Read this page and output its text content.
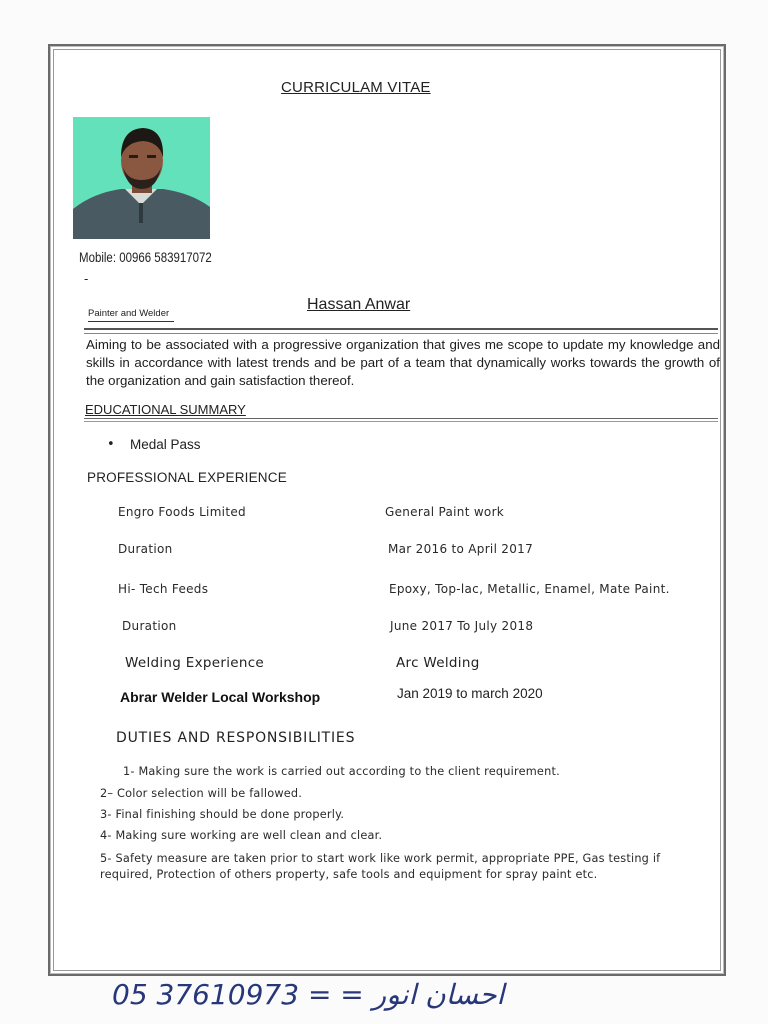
CURRICULAM VITAE
Mobile: 00966 583917072
-
Painter and Welder
Hassan Anwar
Aiming to be associated with a progressive organization that gives me scope to update my knowledge and skills in accordance with latest trends and be part of a team that dynamically works towards the growth of the organization and gain satisfaction thereof.
EDUCATIONAL SUMMARY
• Medal Pass
PROFESSIONAL EXPERIENCE
Engro Foods Limited	General Paint work
Duration	Mar 2016 to April 2017
Hi- Tech Feeds	Epoxy, Top-lac, Metallic, Enamel, Mate Paint.
Duration	June 2017 To July 2018
Welding Experience	Arc Welding
Abrar Welder Local Workshop	Jan 2019 to march 2020
DUTIES AND RESPONSIBILITIES
1- Making sure the work is carried out according to the client requirement.
2– Color selection will be fallowed.
3- Final finishing should be done properly.
4- Making sure working are well clean and clear.
5- Safety measure are taken prior to start work like work permit, appropriate PPE, Gas testing if required, Protection of others property, safe tools and equipment for spray paint etc.
05 37610973 = = احسان انور
